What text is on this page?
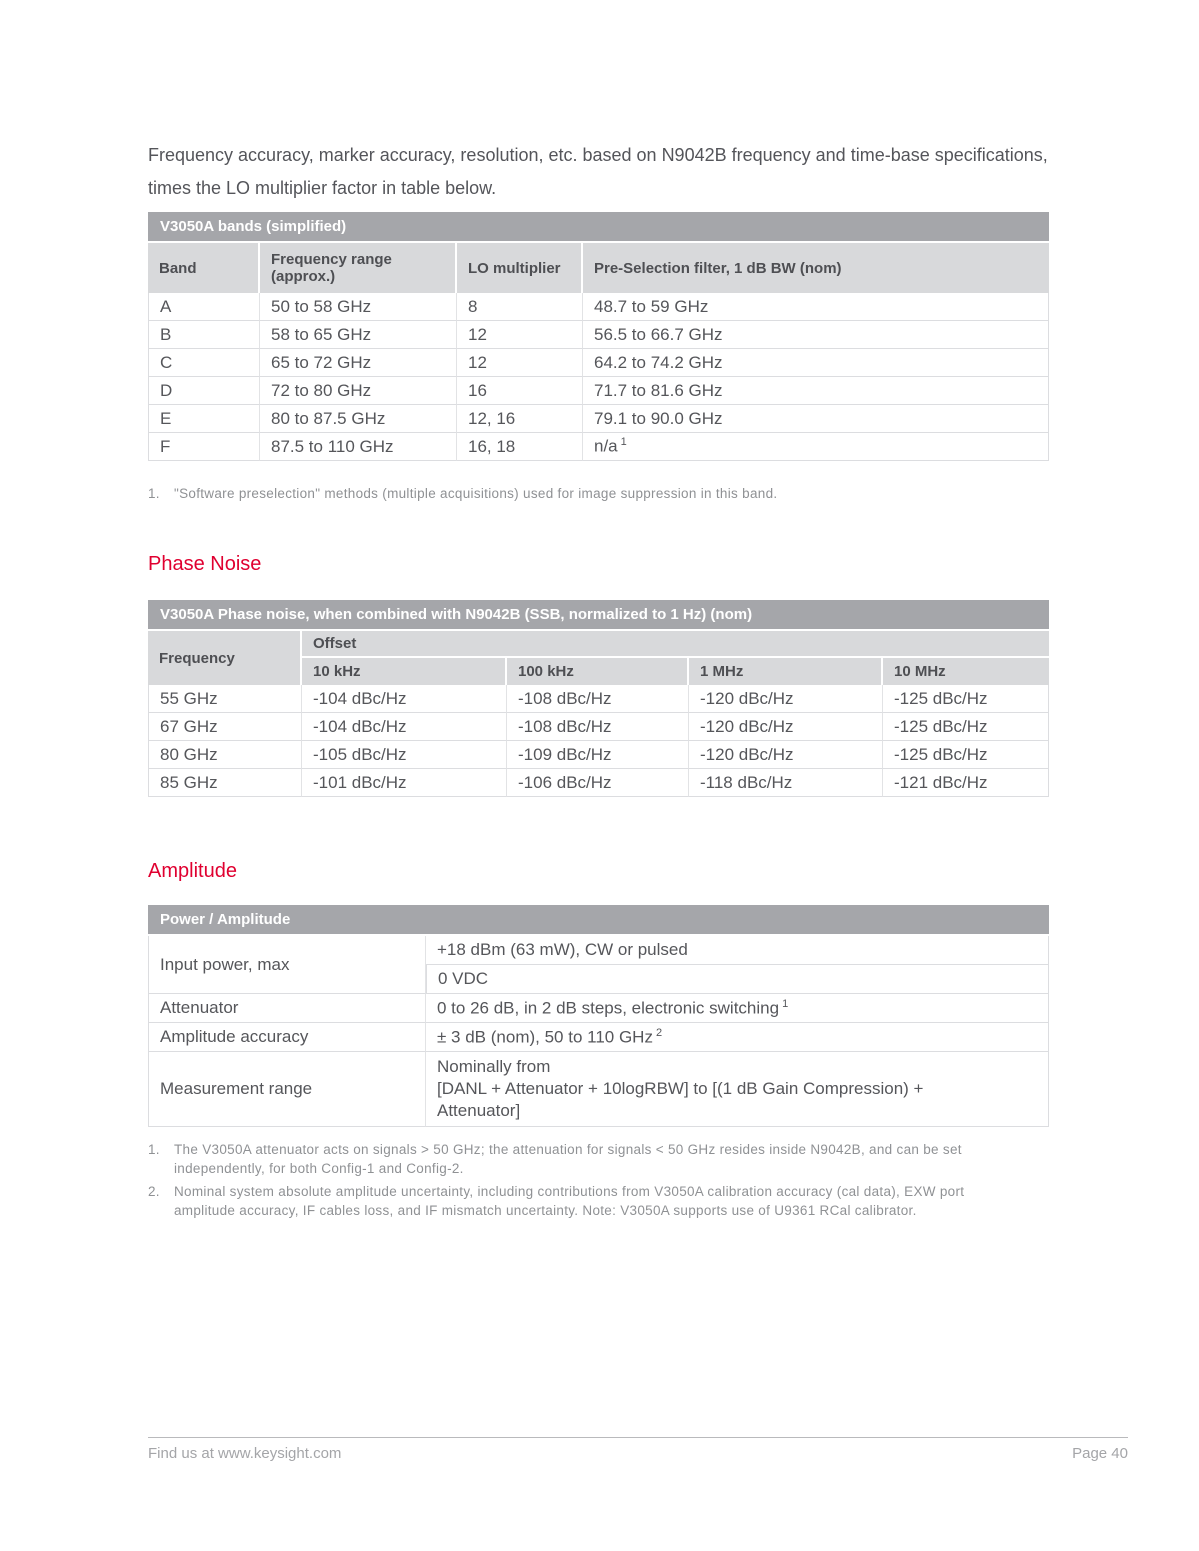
Frequency accuracy, marker accuracy, resolution, etc. based on N9042B frequency and time-base specifications, times the LO multiplier factor in table below.

V3050A bands (simplified)			
Band	Frequency range (approx.)	LO multiplier	Pre-Selection filter, 1 dB BW (nom)
A	50 to 58 GHz	8	48.7 to 59 GHz
B	58 to 65 GHz	12	56.5 to 66.7 GHz
C	65 to 72 GHz	12	64.2 to 74.2 GHz
D	72 to 80 GHz	16	71.7 to 81.6 GHz
E	80 to 87.5 GHz	12, 16	79.1 to 90.0 GHz
F	87.5 to 110 GHz	16, 18	n/a $^1$
1.	"Software preselection" methods (multiple acquisitions) used for image suppression in this band.
Phase Noise
V3050A Phase noise, when combined with N9042B (SSB, normalized to 1 Hz) (nom)				
Frequency	Offset			
	10 kHz	100 kHz	1 MHz	10 MHz
55 GHz	-104 dBc/Hz	-108 dBc/Hz	-120 dBc/Hz	-125 dBc/Hz
67 GHz	-104 dBc/Hz	-108 dBc/Hz	-120 dBc/Hz	-125 dBc/Hz
80 GHz	-105 dBc/Hz	-109 dBc/Hz	-120 dBc/Hz	-125 dBc/Hz
85 GHz	-101 dBc/Hz	-106 dBc/Hz	-118 dBc/Hz	-121 dBc/Hz
Amplitude
Power / Amplitude	
Input power, max	+18 dBm (63 mW), CW or pulsed
	0 VDC
Attenuator	0 to 26 dB, in 2 dB steps, electronic switching $^1$
Amplitude accuracy	± 3 dB (nom), 50 to 110 GHz $^2$
Measurement range	Nominally from
[DANL + Attenuator + 10logRBW] to [(1 dB Gain Compression) +
Attenuator]
1.	The V3050A attenuator acts on signals > 50 GHz; the attenuation for signals < 50 GHz resides inside N9042B, and can be set independently, for both Config-1 and Config-2.
2.	Nominal system absolute amplitude uncertainty, including contributions from V3050A calibration accuracy (cal data), EXW port amplitude accuracy, IF cables loss, and IF mismatch uncertainty. Note: V3050A supports use of U9361 RCal calibrator.
Find us at www.keysight.com	Page 40
